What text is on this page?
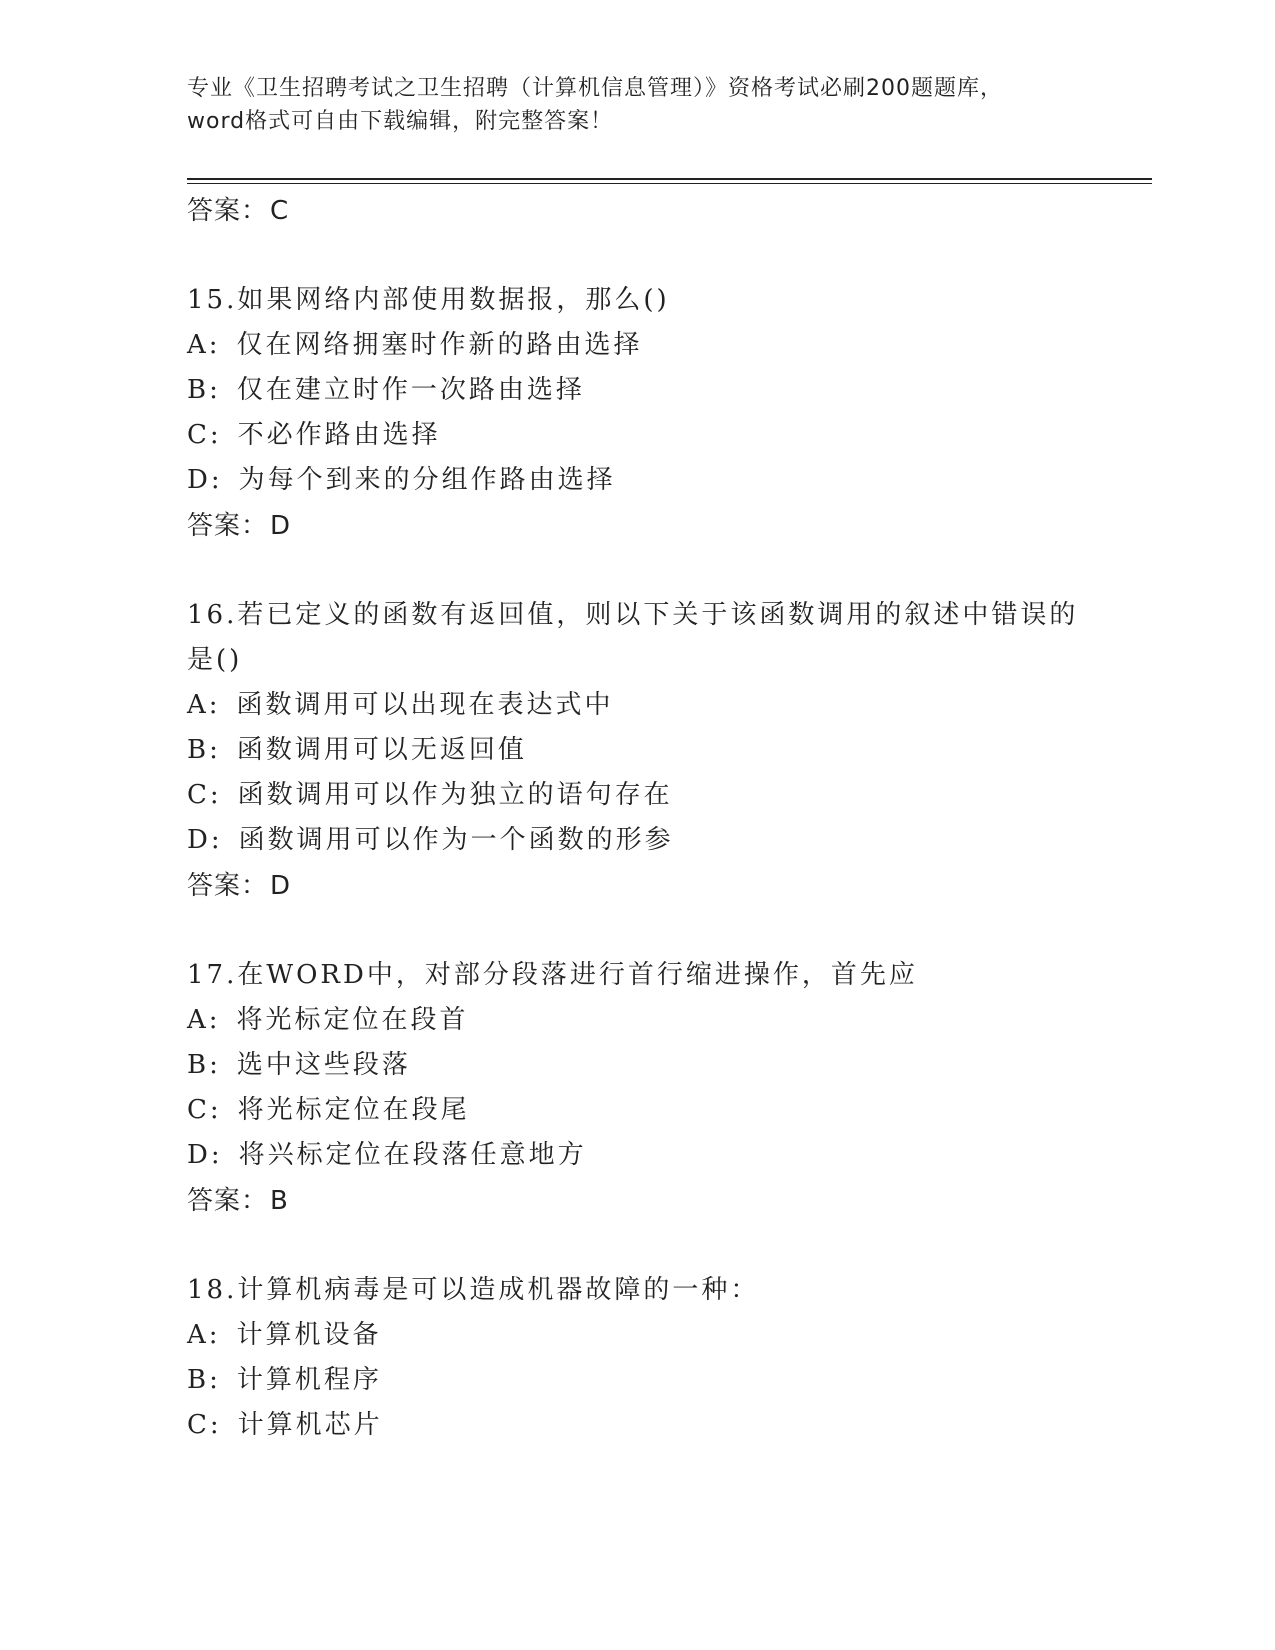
专业《卫生招聘考试之卫生招聘（计算机信息管理）》资格考试必刷200题题库，
word格式可自由下载编辑，附完整答案！
答案：C
15.如果网络内部使用数据报，那么()
A: 仅在网络拥塞时作新的路由选择
B: 仅在建立时作一次路由选择
C: 不必作路由选择
D: 为每个到来的分组作路由选择
答案：D
16.若已定义的函数有返回值，则以下关于该函数调用的叙述中错误的是()
A: 函数调用可以出现在表达式中
B: 函数调用可以无返回值
C: 函数调用可以作为独立的语句存在
D: 函数调用可以作为一个函数的形参
答案：D
17.在WORD中，对部分段落进行首行缩进操作，首先应
A: 将光标定位在段首
B: 选中这些段落
C: 将光标定位在段尾
D: 将兴标定位在段落任意地方
答案：B
18.计算机病毒是可以造成机器故障的一种：
A: 计算机设备
B: 计算机程序
C: 计算机芯片
